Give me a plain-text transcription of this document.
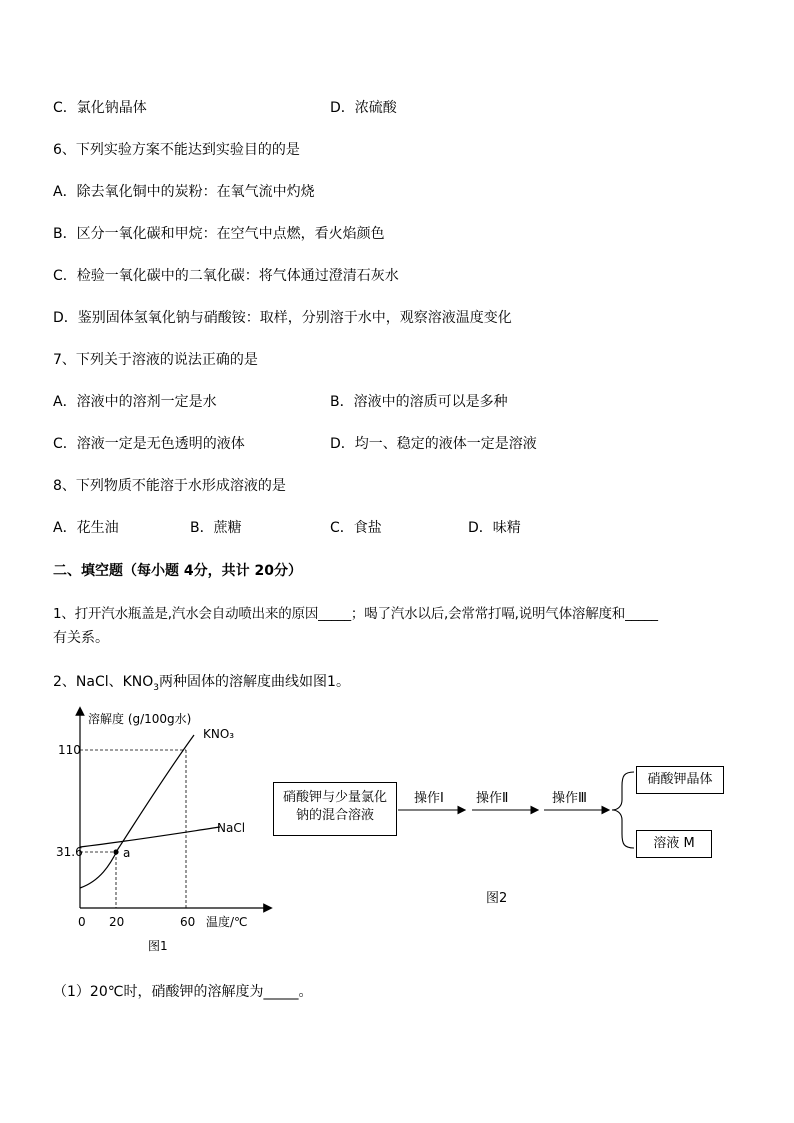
C．氯化钠晶体	D．浓硫酸
6、下列实验方案不能达到实验目的的是
A．除去氧化铜中的炭粉：在氧气流中灼烧
B．区分一氧化碳和甲烷：在空气中点燃，看火焰颜色
C．检验一氧化碳中的二氧化碳：将气体通过澄清石灰水
D．鉴别固体氢氧化钠与硝酸铵：取样，分别溶于水中，观察溶液温度变化
7、下列关于溶液的说法正确的是
A．溶液中的溶剂一定是水	B．溶液中的溶质可以是多种
C．溶液一定是无色透明的液体	D．均一、稳定的液体一定是溶液
8、下列物质不能溶于水形成溶液的是
A．花生油	B．蔗糖	C．食盐	D．味精
二、填空题（每小题 4分，共计 20分）
1、打开汽水瓶盖是,汽水会自动喷出来的原因_____；喝了汽水以后,会常常打嗝,说明气体溶解度和_____
有关系。
2、NaCl、$KNO_3$两种固体的溶解度曲线如图1。
溶解度 (g/100g水)
KNO₃
NaCl
a
110
31.6
0 20	60 温度/℃
图1
硝酸钾与少量氯化钠的混合溶液
操作Ⅰ 操作Ⅱ	操作Ⅲ
硝酸钾晶体
溶液 M
图2
（1）20℃时，硝酸钾的溶解度为_____。
